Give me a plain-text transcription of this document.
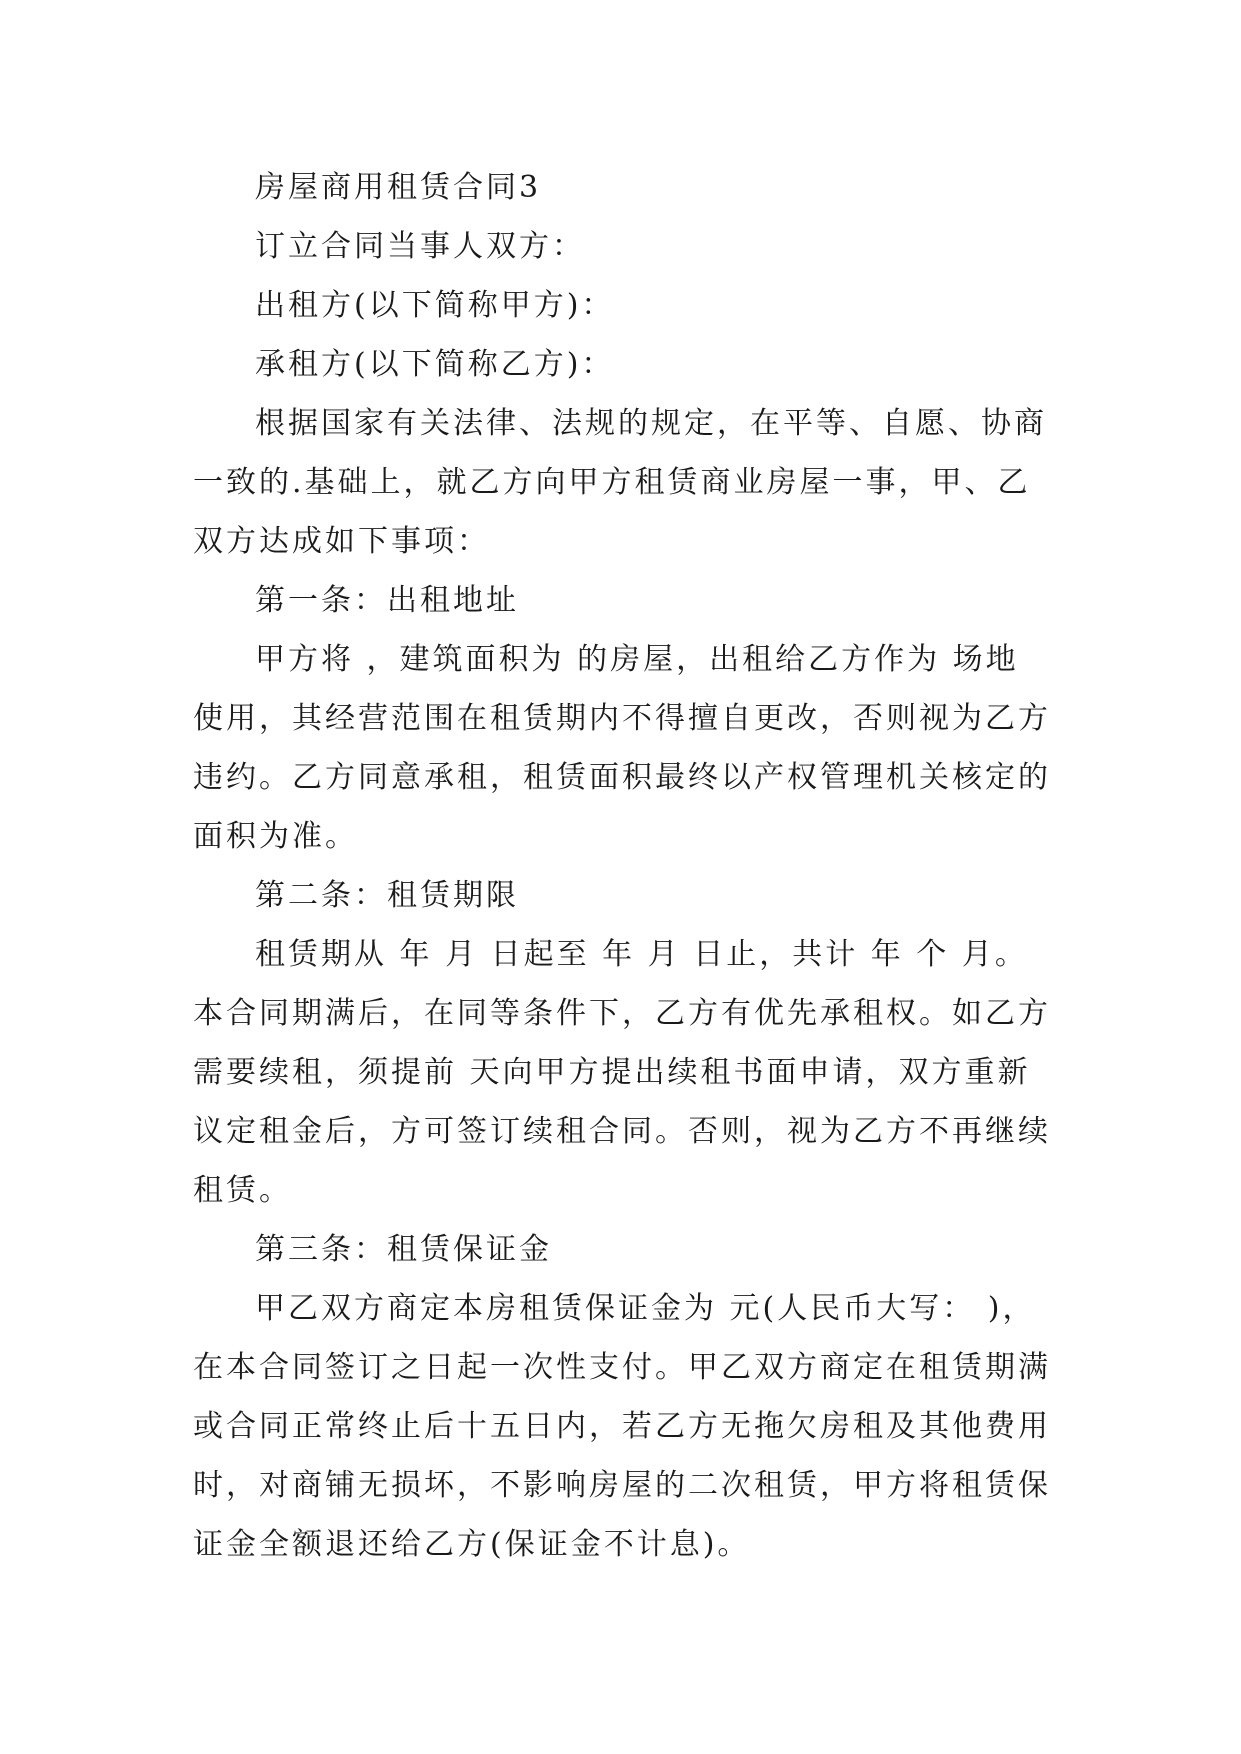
房屋商用租赁合同3
订立合同当事人双方：
出租方(以下简称甲方)：
承租方(以下简称乙方)：
根据国家有关法律、法规的规定，在平等、自愿、协商
一致的.基础上，就乙方向甲方租赁商业房屋一事，甲、乙
双方达成如下事项：
第一条：出租地址
甲方将 ，建筑面积为 的房屋，出租给乙方作为 场地
使用，其经营范围在租赁期内不得擅自更改，否则视为乙方
违约。乙方同意承租，租赁面积最终以产权管理机关核定的
面积为准。
第二条：租赁期限
租赁期从 年 月 日起至 年 月 日止，共计 年 个 月。
本合同期满后，在同等条件下，乙方有优先承租权。如乙方
需要续租，须提前 天向甲方提出续租书面申请，双方重新
议定租金后，方可签订续租合同。否则，视为乙方不再继续
租赁。
第三条：租赁保证金
甲乙双方商定本房租赁保证金为 元(人民币大写： )，
在本合同签订之日起一次性支付。甲乙双方商定在租赁期满
或合同正常终止后十五日内，若乙方无拖欠房租及其他费用
时，对商铺无损坏，不影响房屋的二次租赁，甲方将租赁保
证金全额退还给乙方(保证金不计息)。
